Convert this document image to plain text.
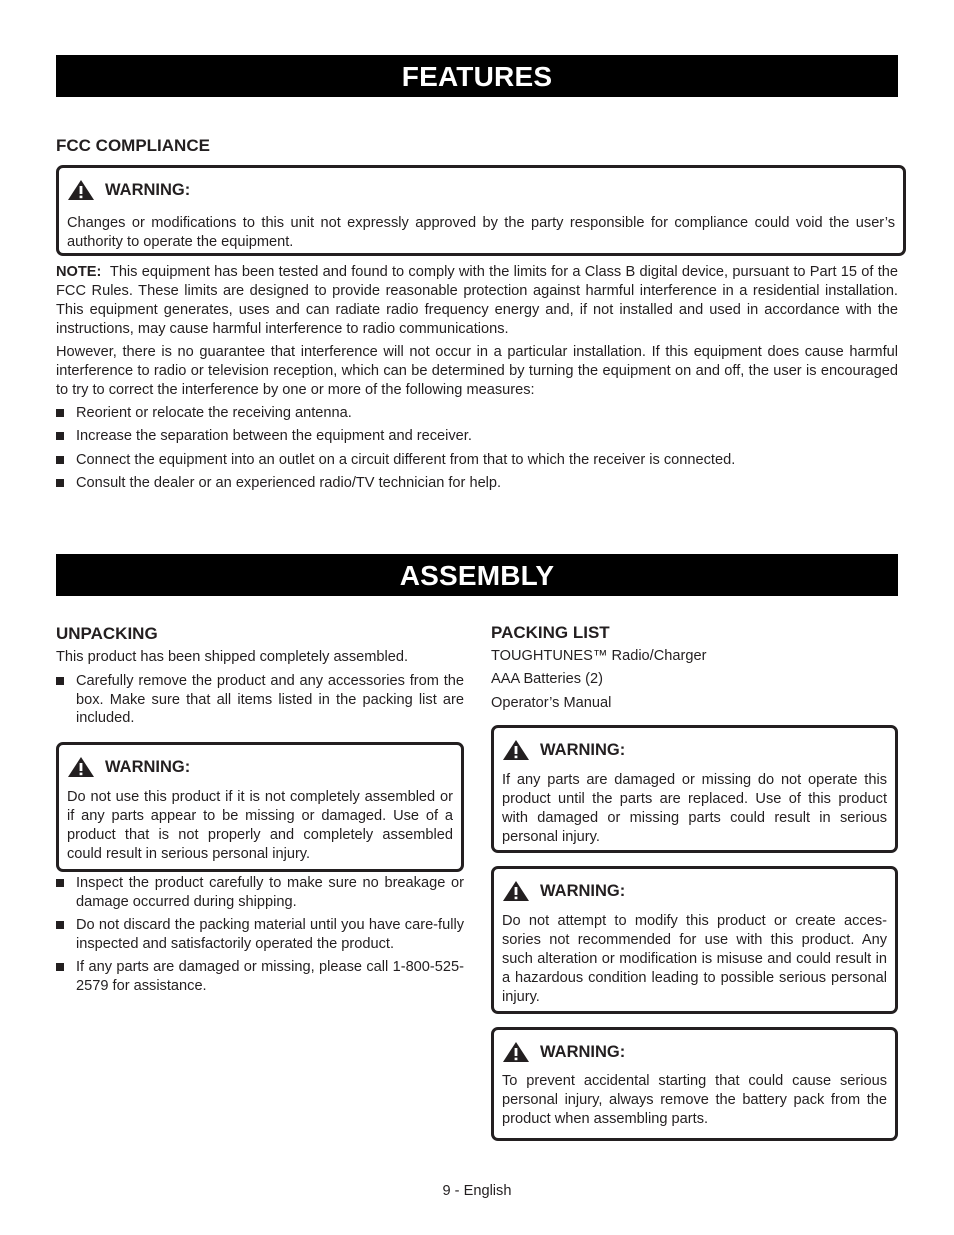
FEATURES
FCC COMPLIANCE
WARNING:
Changes or modifications to this unit not expressly approved by the party responsible for compliance could void the user’s authority to operate the equipment.
NOTE: This equipment has been tested and found to comply with the limits for a Class B digital device, pursuant to Part 15 of the FCC Rules. These limits are designed to provide reasonable protection against harmful interference in a residential installation. This equipment generates, uses and can radiate radio frequency energy and, if not installed and used in accordance with the instructions, may cause harmful interference to radio communications.
However, there is no guarantee that interference will not occur in a particular installation. If this equipment does cause harmful interference to radio or television reception, which can be determined by turning the equipment on and off, the user is encouraged to try to correct the interference by one or more of the following measures:
Reorient or relocate the receiving antenna.
Increase the separation between the equipment and receiver.
Connect the equipment into an outlet on a circuit different from that to which the receiver is connected.
Consult the dealer or an experienced radio/TV technician for help.
ASSEMBLY
UNPACKING
This product has been shipped completely assembled.
Carefully remove the product and any accessories from the box. Make sure that all items listed in the packing list are included.
WARNING:
Do not use this product if it is not completely assembled or if any parts appear to be missing or damaged. Use of a product that is not properly and completely assembled could result in serious personal injury.
Inspect the product carefully to make sure no breakage or damage occurred during shipping.
Do not discard the packing material until you have care-fully inspected and satisfactorily operated the product.
If any parts are damaged or missing, please call 1-800-525-2579 for assistance.
PACKING LIST
TOUGHTUNES™ Radio/Charger
AAA Batteries (2)
Operator’s Manual
WARNING:
If any parts are damaged or missing do not operate this product until the parts are replaced. Use of this product with damaged or missing parts could result in serious personal injury.
WARNING:
Do not attempt to modify this product or create acces-sories not recommended for use with this product. Any such alteration or modification is misuse and could result in a hazardous condition leading to possible serious personal injury.
WARNING:
To prevent accidental starting that could cause serious personal injury, always remove the battery pack from the product when assembling parts.
9 - English
